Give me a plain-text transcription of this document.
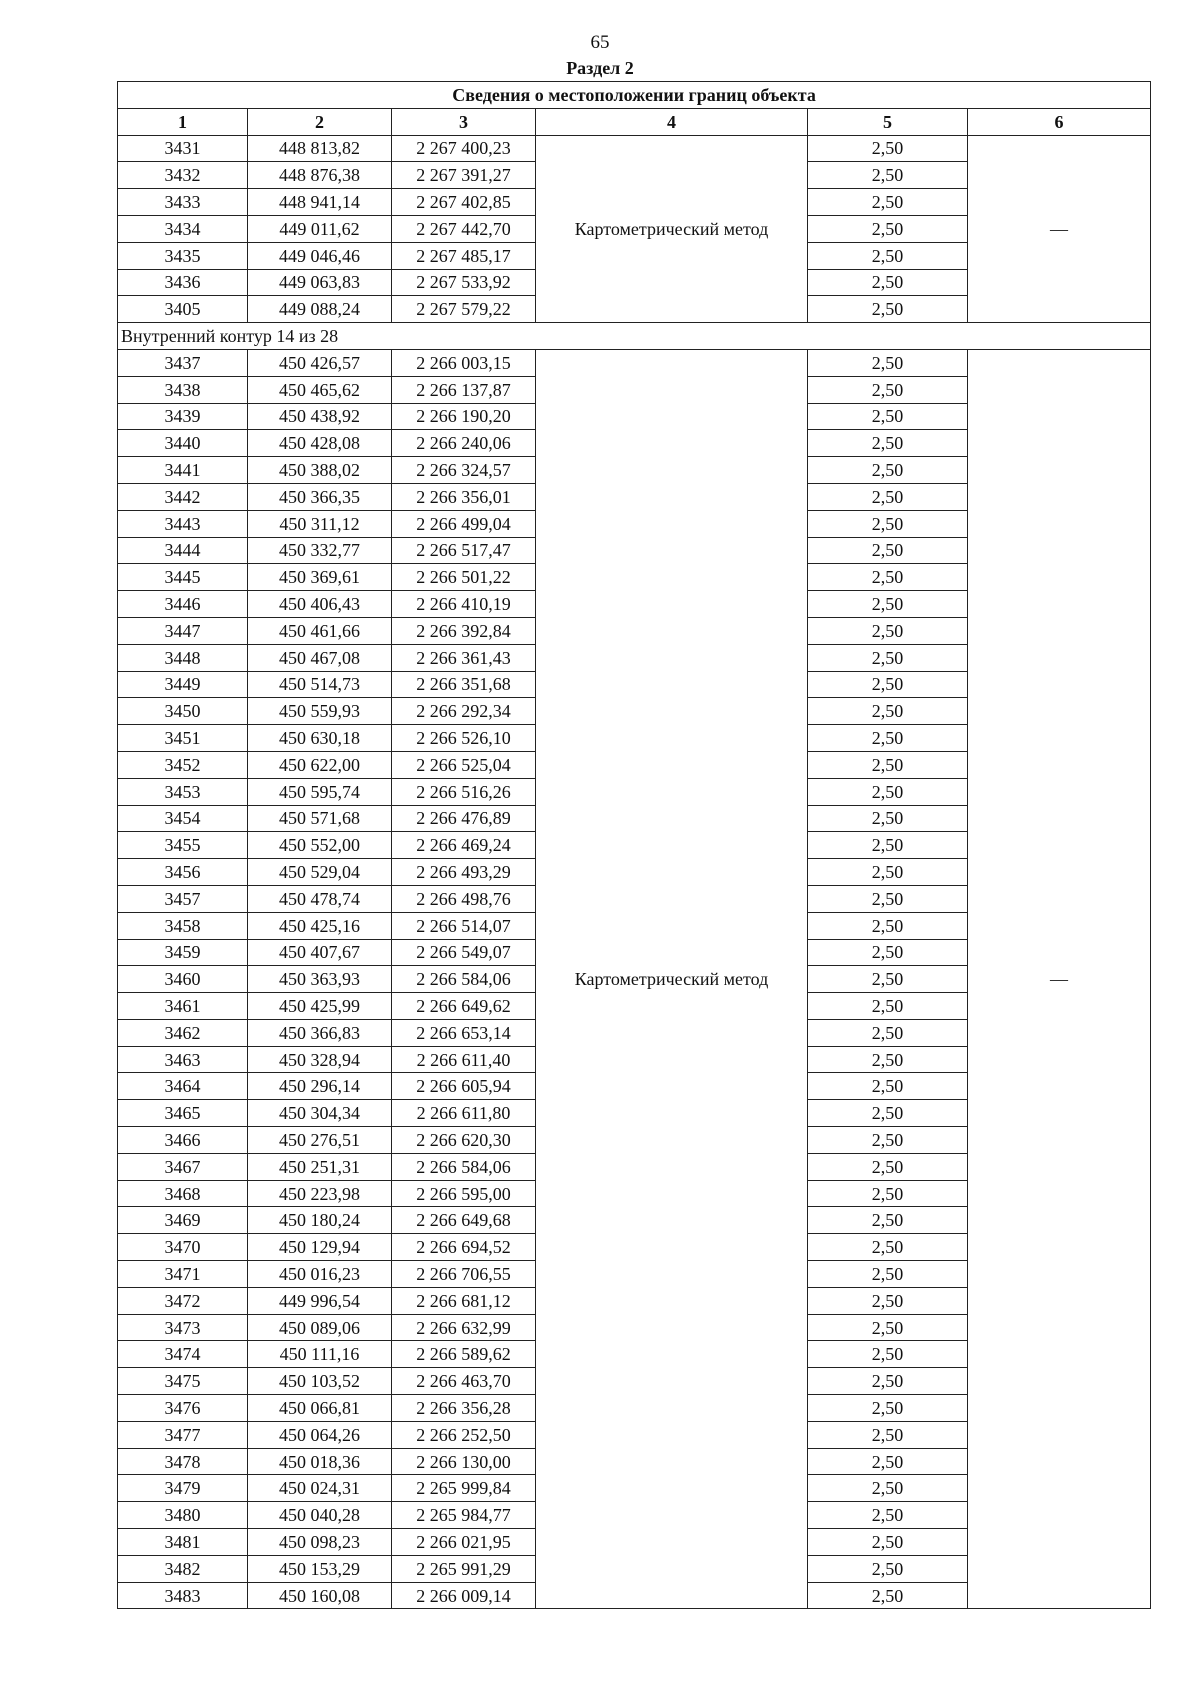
65
Раздел 2
Сведения о местоположении границ объекта					
1	2	3	4	5	6
3431	448 813,82	2 267 400,23	Картометрический метод	2,50	—
3432	448 876,38	2 267 391,27		2,50	
3433	448 941,14	2 267 402,85		2,50	
3434	449 011,62	2 267 442,70		2,50	
3435	449 046,46	2 267 485,17		2,50	
3436	449 063,83	2 267 533,92		2,50	
3405	449 088,24	2 267 579,22		2,50	
Внутренний контур 14 из 28					
3437	450 426,57	2 266 003,15	Картометрический метод	2,50	—
3438	450 465,62	2 266 137,87		2,50	
3439	450 438,92	2 266 190,20		2,50	
3440	450 428,08	2 266 240,06		2,50	
3441	450 388,02	2 266 324,57		2,50	
3442	450 366,35	2 266 356,01		2,50	
3443	450 311,12	2 266 499,04		2,50	
3444	450 332,77	2 266 517,47		2,50	
3445	450 369,61	2 266 501,22		2,50	
3446	450 406,43	2 266 410,19		2,50	
3447	450 461,66	2 266 392,84		2,50	
3448	450 467,08	2 266 361,43		2,50	
3449	450 514,73	2 266 351,68		2,50	
3450	450 559,93	2 266 292,34		2,50	
3451	450 630,18	2 266 526,10		2,50	
3452	450 622,00	2 266 525,04		2,50	
3453	450 595,74	2 266 516,26		2,50	
3454	450 571,68	2 266 476,89		2,50	
3455	450 552,00	2 266 469,24		2,50	
3456	450 529,04	2 266 493,29		2,50	
3457	450 478,74	2 266 498,76		2,50	
3458	450 425,16	2 266 514,07		2,50	
3459	450 407,67	2 266 549,07		2,50	
3460	450 363,93	2 266 584,06		2,50	
3461	450 425,99	2 266 649,62		2,50	
3462	450 366,83	2 266 653,14		2,50	
3463	450 328,94	2 266 611,40		2,50	
3464	450 296,14	2 266 605,94		2,50	
3465	450 304,34	2 266 611,80		2,50	
3466	450 276,51	2 266 620,30		2,50	
3467	450 251,31	2 266 584,06		2,50	
3468	450 223,98	2 266 595,00		2,50	
3469	450 180,24	2 266 649,68		2,50	
3470	450 129,94	2 266 694,52		2,50	
3471	450 016,23	2 266 706,55		2,50	
3472	449 996,54	2 266 681,12		2,50	
3473	450 089,06	2 266 632,99		2,50	
3474	450 111,16	2 266 589,62		2,50	
3475	450 103,52	2 266 463,70		2,50	
3476	450 066,81	2 266 356,28		2,50	
3477	450 064,26	2 266 252,50		2,50	
3478	450 018,36	2 266 130,00		2,50	
3479	450 024,31	2 265 999,84		2,50	
3480	450 040,28	2 265 984,77		2,50	
3481	450 098,23	2 266 021,95		2,50	
3482	450 153,29	2 265 991,29		2,50	
3483	450 160,08	2 266 009,14		2,50	
